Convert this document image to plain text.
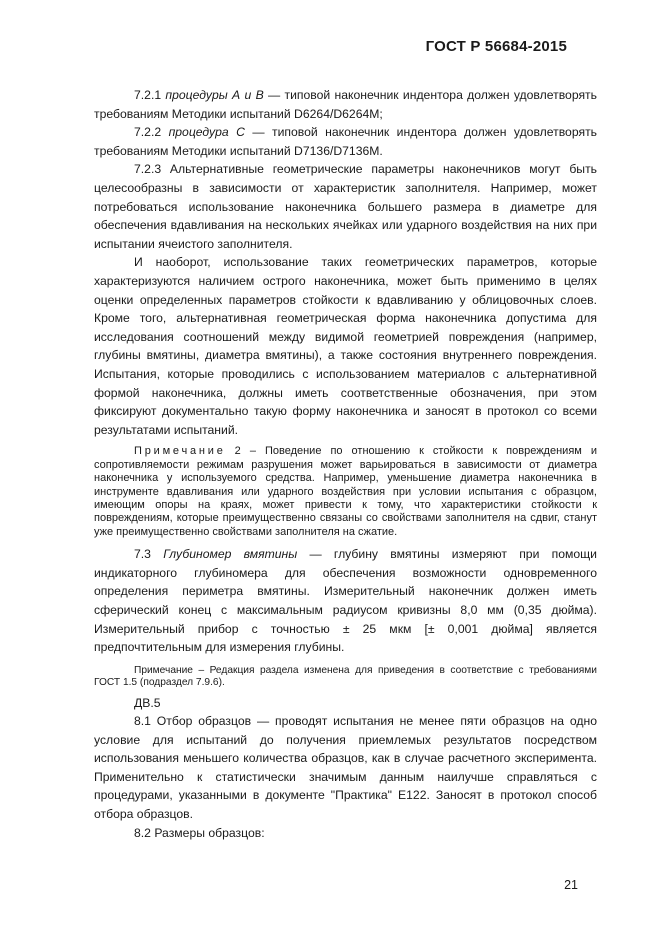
ГОСТ Р 56684-2015

7.2.1 процедуры А и В — типовой наконечник индентора должен удовлетворять требованиям Методики испытаний D6264/D6264M;

7.2.2 процедура С — типовой наконечник индентора должен удовлетворять требованиям Методики испытаний D7136/D7136M.

7.2.3 Альтернативные геометрические параметры наконечников могут быть целесообразны в зависимости от характеристик заполнителя. Например, может потребоваться использование наконечника большего размера в диаметре для обеспечения вдавливания на нескольких ячейках или ударного воздействия на них при испытании ячеистого заполнителя.

И наоборот, использование таких геометрических параметров, которые характеризуются наличием острого наконечника, может быть применимо в целях оценки определенных параметров стойкости к вдавливанию у облицовочных слоев. Кроме того, альтернативная геометрическая форма наконечника допустима для исследования соотношений между видимой геометрией повреждения (например, глубины вмятины, диаметра вмятины), а также состояния внутреннего повреждения. Испытания, которые проводились с использованием материалов с альтернативной формой наконечника, должны иметь соответственные обозначения, при этом фиксируют документально такую форму наконечника и заносят в протокол со всеми результатами испытаний.

Примечание 2 – Поведение по отношению к стойкости к повреждениям и сопротивляемости режимам разрушения может варьироваться в зависимости от диаметра наконечника у используемого средства. Например, уменьшение диаметра наконечника в инструменте вдавливания или ударного воздействия при условии испытания с образцом, имеющим опоры на краях, может привести к тому, что характеристики стойкости к повреждениям, которые преимущественно связаны со свойствами заполнителя на сдвиг, станут уже преимущественно свойствами заполнителя на сжатие.

7.3 Глубиномер вмятины — глубину вмятины измеряют при помощи индикаторного глубиномера для обеспечения возможности одновременного определения периметра вмятины. Измерительный наконечник должен иметь сферический конец с максимальным радиусом кривизны 8,0 мм (0,35 дюйма). Измерительный прибор с точностью ± 25 мкм [± 0,001 дюйма] является предпочтительным для измерения глубины.

Примечание – Редакция раздела изменена для приведения в соответствие с требованиями ГОСТ 1.5 (подраздел 7.9.6).

ДВ.5

8.1 Отбор образцов — проводят испытания не менее пяти образцов на одно условие для испытаний до получения приемлемых результатов посредством использования меньшего количества образцов, как в случае расчетного эксперимента. Применительно к статистически значимым данным наилучше справляться с процедурами, указанными в документе "Практика" Е122. Заносят в протокол способ отбора образцов.

8.2 Размеры образцов:

21
